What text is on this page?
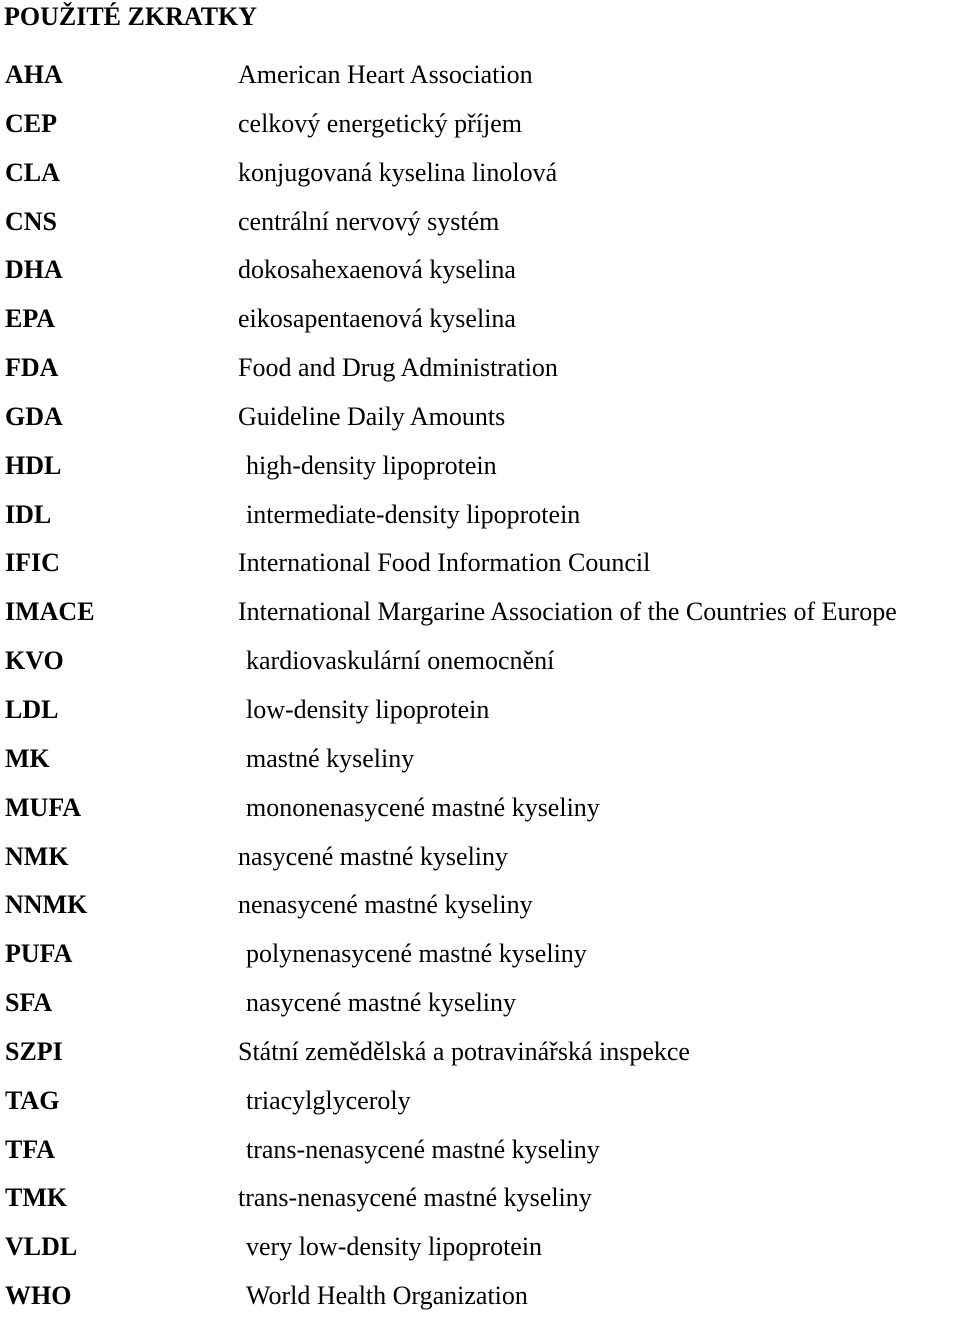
POUŽITÉ ZKRATKY
AHA	American Heart Association
CEP	celkový energetický příjem
CLA	konjugovaná kyselina linolová
CNS	centrální nervový systém
DHA	dokosahexaenová kyselina
EPA	eikosapentaenová kyselina
FDA	Food and Drug Administration
GDA	Guideline Daily Amounts
HDL	high-density lipoprotein
IDL	intermediate-density lipoprotein
IFIC	International Food Information Council
IMACE	International Margarine Association of the Countries of Europe
KVO	kardiovaskulární onemocnění
LDL	low-density lipoprotein
MK	mastné kyseliny
MUFA	mononenasycené mastné kyseliny
NMK	nasycené mastné kyseliny
NNMK	nenasycené mastné kyseliny
PUFA	polynenasycené mastné kyseliny
SFA	nasycené mastné kyseliny
SZPI	Státní zemědělská a potravinářská inspekce
TAG	triacylglyceroly
TFA	trans-nenasycené mastné kyseliny
TMK	trans-nenasycené mastné kyseliny
VLDL	very low-density lipoprotein
WHO	World Health Organization
